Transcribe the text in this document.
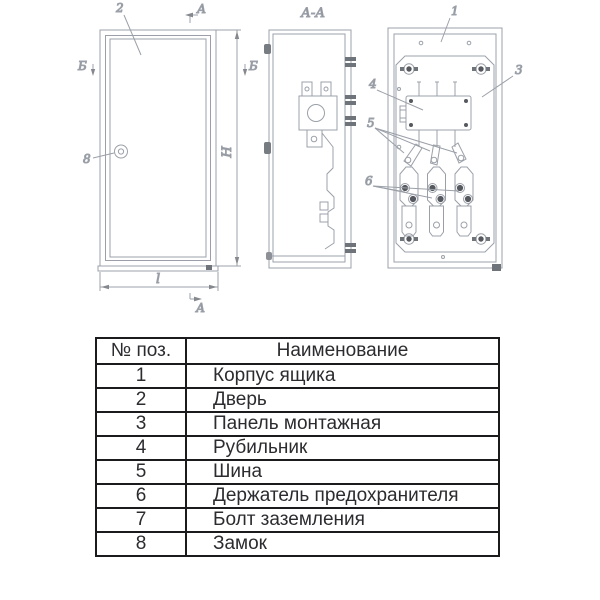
8
2	А
А
Б	Б
Н
l
А-А	1
3
4
5
6
№ поз.	Наименование
1	Корпус ящика
2	Дверь
3	Панель монтажная
4	Рубильник
5	Шина
6	Держатель предохранителя
7	Болт заземления
8	Замок
